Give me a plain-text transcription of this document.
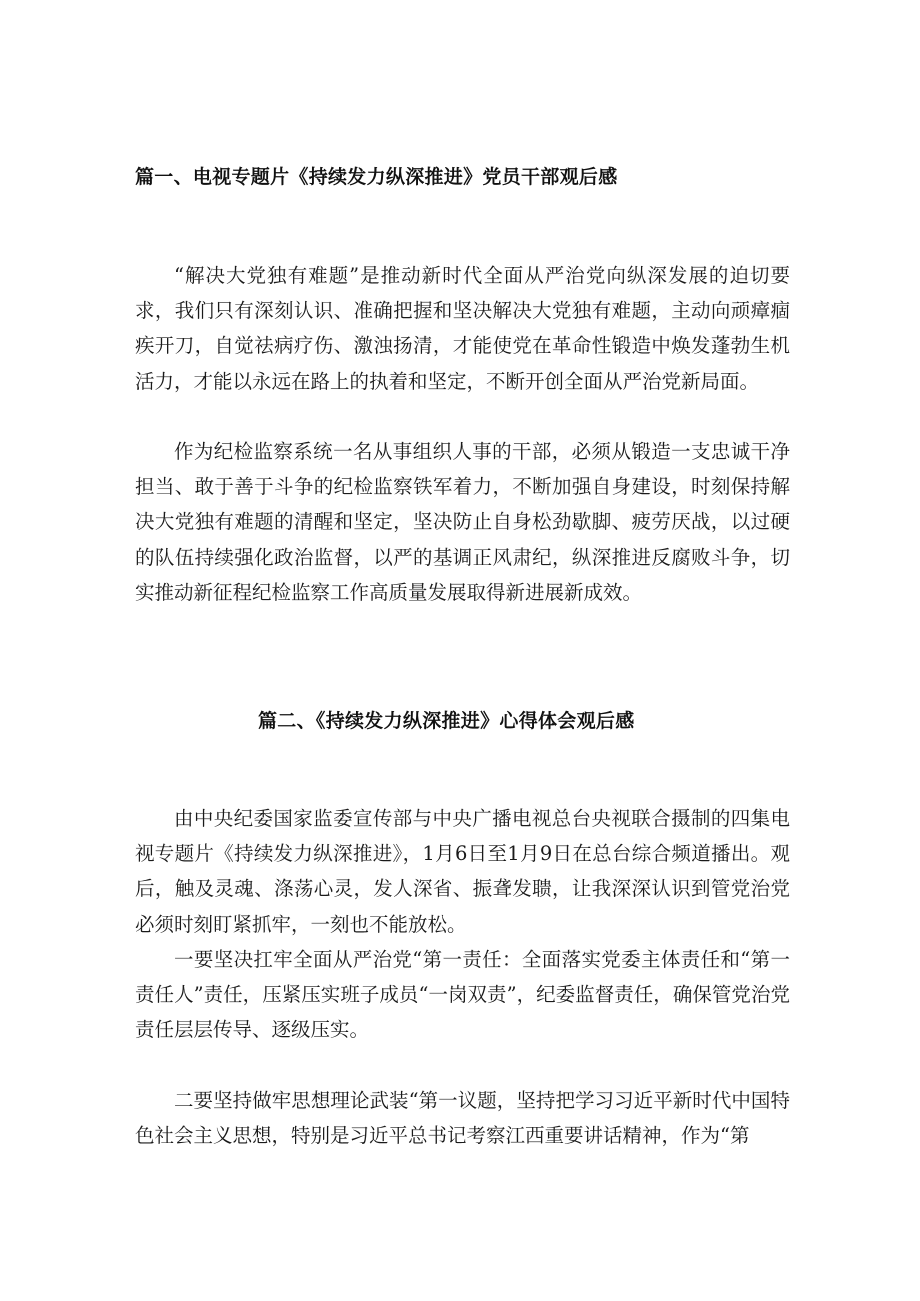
篇一、电视专题片《持续发力纵深推进》党员干部观后感

“解决大党独有难题”是推动新时代全面从严治党向纵深发展的迫切要求，我们只有深刻认识、准确把握和坚决解决大党独有难题，主动向顽瘴痼疾开刀，自觉祛病疗伤、激浊扬清，才能使党在革命性锻造中焕发蓬勃生机活力，才能以永远在路上的执着和坚定，不断开创全面从严治党新局面。

作为纪检监察系统一名从事组织人事的干部，必须从锻造一支忠诚干净担当、敢于善于斗争的纪检监察铁军着力，不断加强自身建设，时刻保持解决大党独有难题的清醒和坚定，坚决防止自身松劲歇脚、疲劳厌战，以过硬的队伍持续强化政治监督，以严的基调正风肃纪，纵深推进反腐败斗争，切实推动新征程纪检监察工作高质量发展取得新进展新成效。

篇二、《持续发力纵深推进》心得体会观后感

由中央纪委国家监委宣传部与中央广播电视总台央视联合摄制的四集电视专题片《持续发力纵深推进》，1月6日至1月9日在总台综合频道播出。观后，触及灵魂、涤荡心灵，发人深省、振聋发聩，让我深深认识到管党治党必须时刻盯紧抓牢，一刻也不能放松。

一要坚决扛牢全面从严治党“第一责任：全面落实党委主体责任和“第一责任人”责任，压紧压实班子成员“一岗双责”，纪委监督责任，确保管党治党责任层层传导、逐级压实。

二要坚持做牢思想理论武装“第一议题，坚持把学习习近平新时代中国特色社会主义思想，特别是习近平总书记考察江西重要讲话精神，作为“第
